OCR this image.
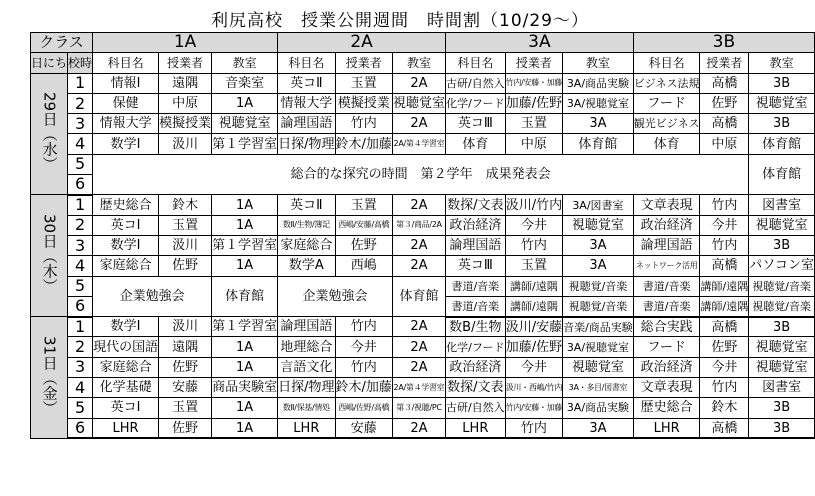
利尻高校　授業公開週間　時間割（10/29～）
クラス		1A			2A			3A			3B		
日にち	校時	科目名	授業者	教室	科目名	授業者	教室	科目名	授業者	教室	科目名	授業者	教室
29日（水）	1	情報Ⅰ	遠隅	音楽室	英コⅡ	玉置	2A	古研/自然入	竹内/安藤・加藤	3A/商品実験	ビジネス法規	高橋	3B
	2	保健	中原	1A	情報大学	模擬授業	視聴覚室	化学/フード	加藤/佐野	3A/視聴覚室	フード	佐野	視聴覚室
	3	情報大学	模擬授業	視聴覚室	論理国語	竹内	2A	英コⅢ	玉置	3A	観光ビジネス	高橋	3B
	4	数学Ⅰ	汲川	第１学習室	日探/物理	鈴木/加藤	2A/第４学習室	体育	中原	体育館	体育	中原	体育館
	5	総合的な探究の時間　第２学年　成果発表会											体育館
	6												
30日（木）	1	歴史総合	鈴木	1A	英コⅡ	玉置	2A	数探/文表	汲川/竹内	3A/図書室	文章表現	竹内	図書室
	2	英コⅠ	玉置	1A	数Ⅱ/生物/簿記	西嶋/安藤/高橋	第３/商品/2A	政治経済	今井	視聴覚室	政治経済	今井	視聴覚室
	3	数学Ⅰ	汲川	第１学習室	家庭総合	佐野	2A	論理国語	竹内	3A	論理国語	竹内	3B
	4	家庭総合	佐野	1A	数学A	西嶋	2A	英コⅢ	玉置	3A	ネットワーク活用	高橋	パソコン室
	5	企業勉強会		体育館	企業勉強会		体育館	書道/音楽	講師/遠隅	視聴覚/音楽	書道/音楽	講師/遠隅	視聴覚/音楽
	6							書道/音楽	講師/遠隅	視聴覚/音楽	書道/音楽	講師/遠隅	視聴覚/音楽
31日（金）	1	数学Ⅰ	汲川	第１学習室	論理国語	竹内	2A	数B/生物	汲川/安藤	音楽/商品実験	総合実践	高橋	3B
	2	現代の国語	遠隅	1A	地理総合	今井	2A	化学/フード	加藤/佐野	3A/視聴覚室	フード	佐野	視聴覚室
	3	家庭総合	佐野	1A	言語文化	竹内	2A	政治経済	今井	視聴覚室	政治経済	今井	視聴覚室
	4	化学基礎	安藤	商品実験室	日探/物理	鈴木/加藤	2A/第４学習室	数探/文表	汲川・西嶋/竹内	3A・多目/図書室	文章表現	竹内	図書室
	5	英コⅠ	玉置	1A	数Ⅱ/保基/情処	西嶋/佐野/高橋	第３/視聴/PC	古研/自然入	竹内/安藤・加藤	3A/商品実験	歴史総合	鈴木	3B
	6	LHR	佐野	1A	LHR	安藤	2A	LHR	竹内	3A	LHR	高橋	3B
